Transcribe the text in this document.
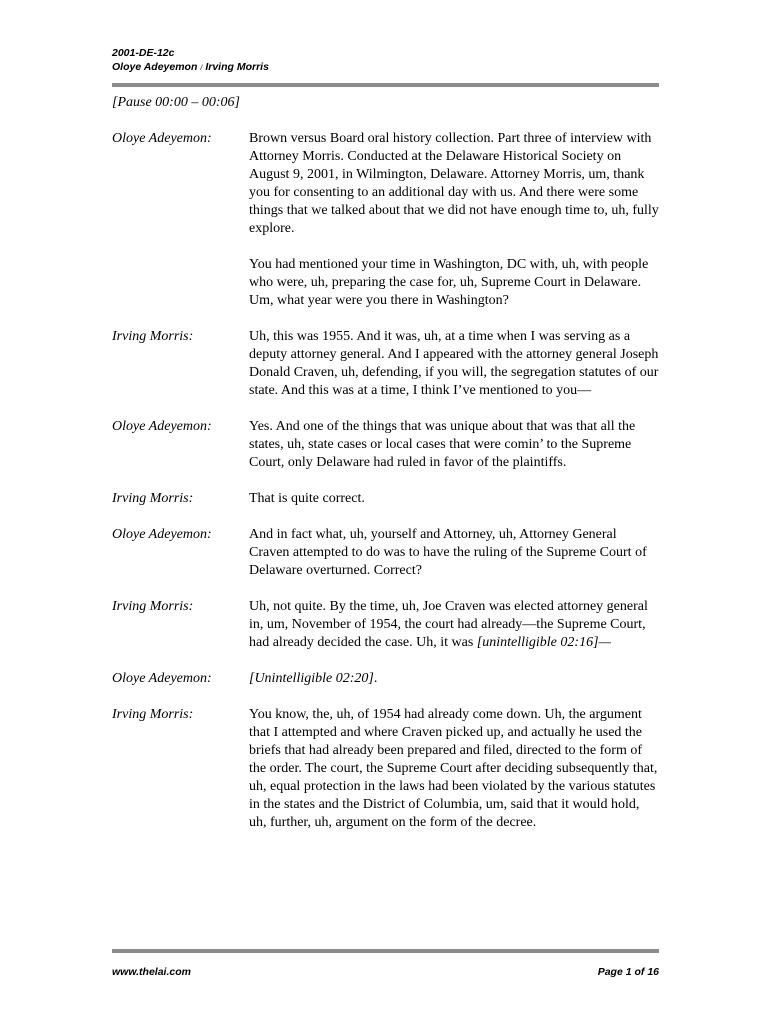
2001-DE-12c
Oloye Adeyemon / Irving Morris
[Pause 00:00 – 00:06]
Oloye Adeyemon:	Brown versus Board oral history collection. Part three of interview with Attorney Morris. Conducted at the Delaware Historical Society on August 9, 2001, in Wilmington, Delaware. Attorney Morris, um, thank you for consenting to an additional day with us. And there were some things that we talked about that we did not have enough time to, uh, fully explore.

You had mentioned your time in Washington, DC with, uh, with people who were, uh, preparing the case for, uh, Supreme Court in Delaware. Um, what year were you there in Washington?

Irving Morris:	Uh, this was 1955. And it was, uh, at a time when I was serving as a deputy attorney general. And I appeared with the attorney general Joseph Donald Craven, uh, defending, if you will, the segregation statutes of our state. And this was at a time, I think I’ve mentioned to you—

Oloye Adeyemon:	Yes. And one of the things that was unique about that was that all the states, uh, state cases or local cases that were comin’ to the Supreme Court, only Delaware had ruled in favor of the plaintiffs.

Irving Morris:	That is quite correct.

Oloye Adeyemon:	And in fact what, uh, yourself and Attorney, uh, Attorney General Craven attempted to do was to have the ruling of the Supreme Court of Delaware overturned. Correct?

Irving Morris:	Uh, not quite. By the time, uh, Joe Craven was elected attorney general in, um, November of 1954, the court had already—the Supreme Court, had already decided the case. Uh, it was [unintelligible 02:16]—

Oloye Adeyemon:	[Unintelligible 02:20].

Irving Morris:	You know, the, uh, of 1954 had already come down. Uh, the argument that I attempted and where Craven picked up, and actually he used the briefs that had already been prepared and filed, directed to the form of the order. The court, the Supreme Court after deciding subsequently that, uh, equal protection in the laws had been violated by the various statutes in the states and the District of Columbia, um, said that it would hold, uh, further, uh, argument on the form of the decree.

www.thelai.com	Page 1 of 16
